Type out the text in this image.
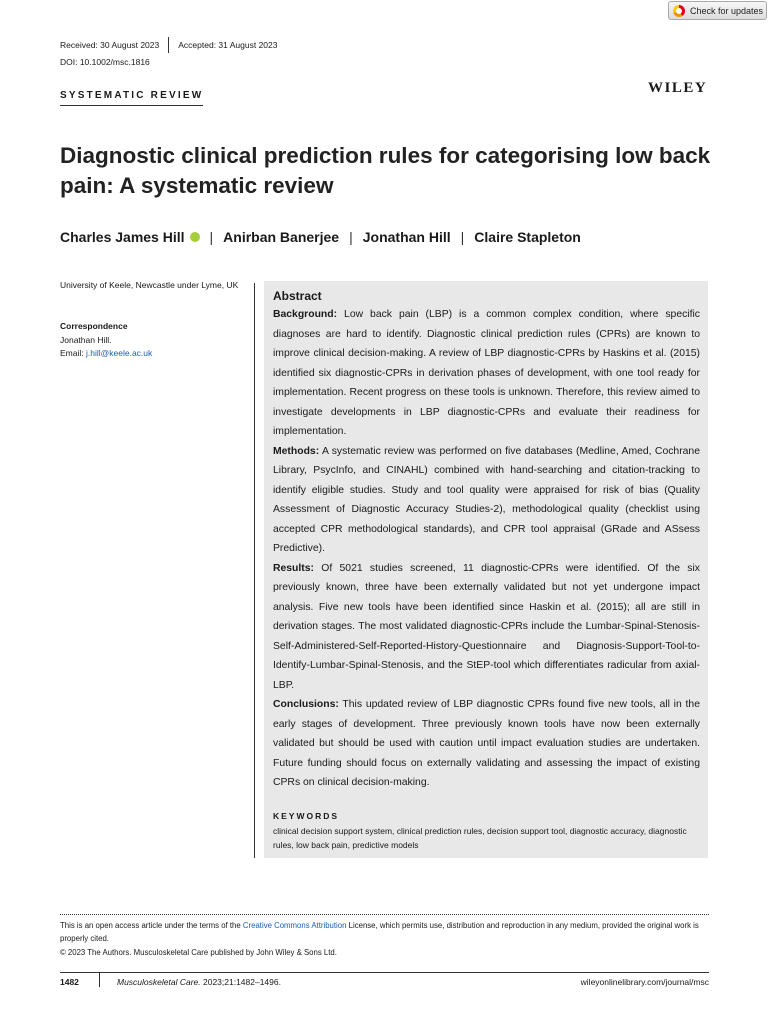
Check for updates
Received: 30 August 2023 Accepted: 31 August 2023
DOI: 10.1002/msc.1816
SYSTEMATIC REVIEW	WILEY
Diagnostic clinical prediction rules for categorising low back pain: A systematic review
Charles James Hill | Anirban Banerjee | Jonathan Hill | Claire Stapleton
University of Keele, Newcastle under Lyme, UK
Correspondence
Jonathan Hill.
Email: j.hill@keele.ac.uk
Abstract

Background: Low back pain (LBP) is a common complex condition, where specific diagnoses are hard to identify. Diagnostic clinical prediction rules (CPRs) are known to improve clinical decision-making. A review of LBP diagnostic-CPRs by Haskins et al. (2015) identified six diagnostic-CPRs in derivation phases of development, with one tool ready for implementation. Recent progress on these tools is unknown. Therefore, this review aimed to investigate developments in LBP diagnostic-CPRs and evaluate their readiness for implementation.

Methods: A systematic review was performed on five databases (Medline, Amed, Cochrane Library, PsycInfo, and CINAHL) combined with hand-searching and citation-tracking to identify eligible studies. Study and tool quality were appraised for risk of bias (Quality Assessment of Diagnostic Accuracy Studies-2), methodological quality (checklist using accepted CPR methodological standards), and CPR tool appraisal (GRade and ASsess Predictive).

Results: Of 5021 studies screened, 11 diagnostic-CPRs were identified. Of the six previously known, three have been externally validated but not yet undergone impact analysis. Five new tools have been identified since Haskin et al. (2015); all are still in derivation stages. The most validated diagnostic-CPRs include the Lumbar-Spinal-Stenosis-Self-Administered-Self-Reported-History-Questionnaire and Diagnosis-Support-Tool-to-Identify-Lumbar-Spinal-Stenosis, and the StEP-tool which differentiates radicular from axial-LBP.

Conclusions: This updated review of LBP diagnostic CPRs found five new tools, all in the early stages of development. Three previously known tools have now been externally validated but should be used with caution until impact evaluation studies are undertaken. Future funding should focus on externally validating and assessing the impact of existing CPRs on clinical decision-making.

KEYWORDS
clinical decision support system, clinical prediction rules, decision support tool, diagnostic accuracy, diagnostic rules, low back pain, predictive models
This is an open access article under the terms of the Creative Commons Attribution License, which permits use, distribution and reproduction in any medium, provided the original work is properly cited.
© 2023 The Authors. Musculoskeletal Care published by John Wiley & Sons Ltd.
1482	Musculoskeletal Care. 2023;21:1482–1496.	wileyonlinelibrary.com/journal/msc
